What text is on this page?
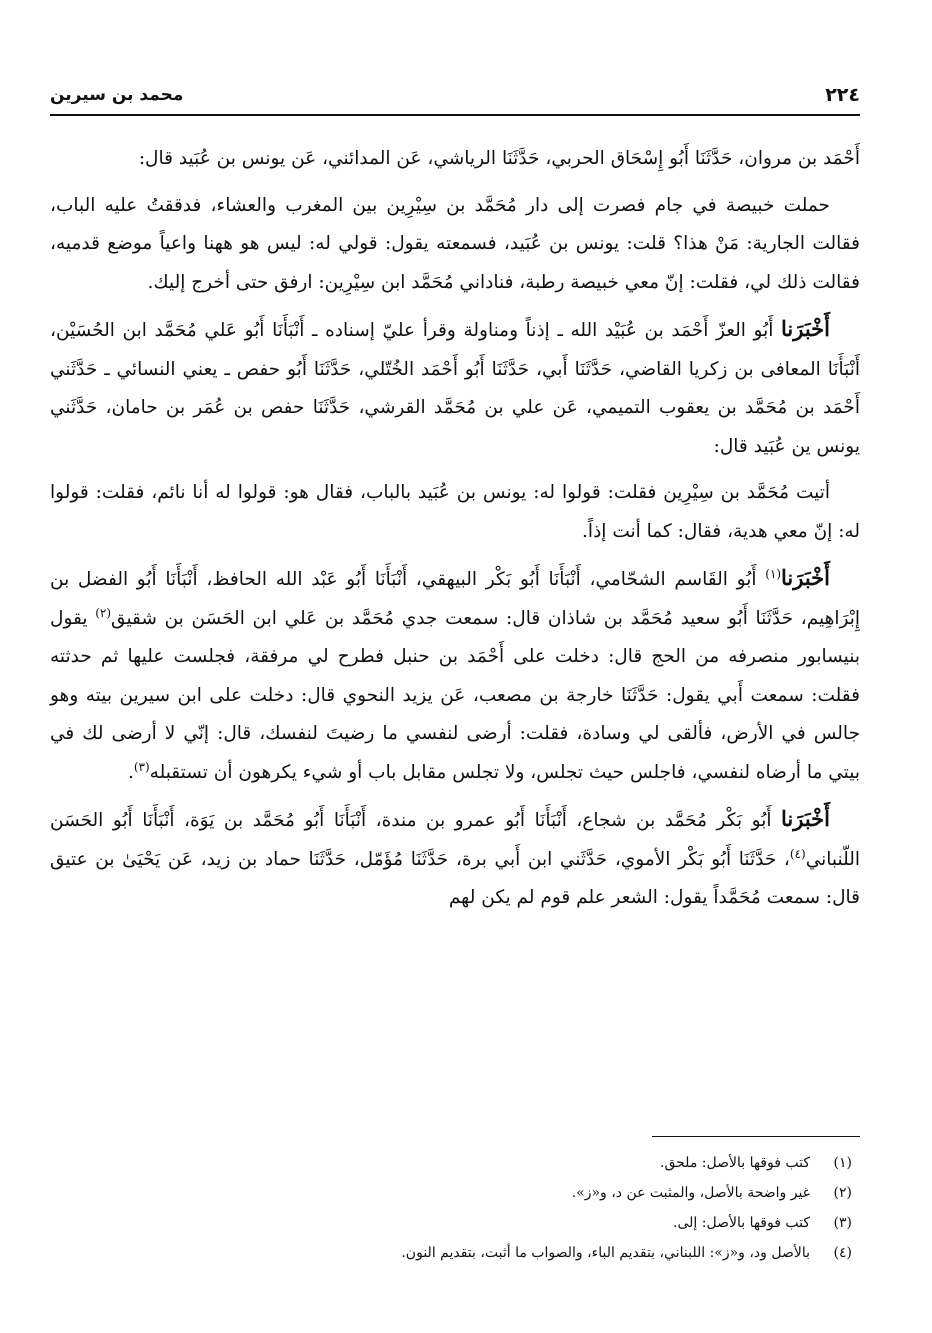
٢٢٤
محمد بن سيرين

أَحْمَد بن مروان، حَدَّثَنَا أَبُو إِسْحَاق الحربي، حَدَّثَنَا الرياشي، عَن المدائني، عَن يونس بن عُبَيد قال:

حملت خبيصة في جام فصرت إلى دار مُحَمَّد بن سِيْرِين بين المغرب والعشاء، فدققتُ عليه الباب، فقالت الجارية: مَنْ هذا؟ قلت: يونس بن عُبَيد، فسمعته يقول: قولي له: ليس هو ههنا واعياً موضع قدميه، فقالت ذلك لي، فقلت: إنّ معي خبيصة رطبة، فناداني مُحَمَّد ابن سِيْرِين: ارفق حتى أخرج إليك.

أَخْبَرَنا أَبُو العزّ أَحْمَد بن عُبَيْد الله ـ إذناً ومناولة وقرأ عليّ إسناده ـ أَنْبَأَنَا أَبُو عَلي مُحَمَّد ابن الحُسَيْن، أَنْبَأَنَا المعافى بن زكريا القاضي، حَدَّثَنَا أَبي، حَدَّثَنَا أَبُو أَحْمَد الخُتّلي، حَدَّثَنَا أَبُو حفص ـ يعني النسائي ـ حَدَّثَني أَحْمَد بن مُحَمَّد بن يعقوب التميمي، عَن علي بن مُحَمَّد القرشي، حَدَّثَنَا حفص بن عُمَر بن حامان، حَدَّثَني يونس ين عُبَيد قال:

أتيت مُحَمَّد بن سِيْرِين فقلت: قولوا له: يونس بن عُبَيد بالباب، فقال هو: قولوا له أنا نائم، فقلت: قولوا له: إنّ معي هدية، فقال: كما أنت إذاً.

أَخْبَرَنا$^{(١)}$ أَبُو القَاسم الشحّامي، أَنْبَأَنَا أَبُو بَكْر البيهقي، أَنْبَأَنَا أَبُو عَبْد الله الحافظ، أَنْبَأَنَا أَبُو الفضل بن إِبْرَاهِيم، حَدَّثَنَا أَبُو سعيد مُحَمَّد بن شاذان قال: سمعت جدي مُحَمَّد بن عَلي ابن الحَسَن بن شقيق$^{(٢)}$ يقول بنيسابور منصرفه من الحج قال: دخلت على أَحْمَد بن حنبل فطرح لي مرفقة، فجلست عليها ثم حدثته فقلت: سمعت أَبي يقول: حَدَّثَنَا خارجة بن مصعب، عَن يزيد النحوي قال: دخلت على ابن سيرين بيته وهو جالس في الأرض، فألقى لي وسادة، فقلت: أرضى لنفسي ما رضيتَ لنفسك، قال: إنّي لا أرضى لك في بيتي ما أرضاه لنفسي، فاجلس حيث تجلس، ولا تجلس مقابل باب أو شيء يكرهون أن تستقبله$^{(٣)}$.

أَخْبَرَنا أَبُو بَكْر مُحَمَّد بن شجاع، أَنْبَأَنَا أَبُو عمرو بن مندة، أَنْبَأَنَا أَبُو مُحَمَّد بن يَوَة، أَنْبَأَنَا أَبُو الحَسَن اللّنباني$^{(٤)}$، حَدَّثَنَا أَبُو بَكْر الأموي، حَدَّثَني ابن أَبي برة، حَدَّثَنَا مُؤَمّل، حَدَّثَنَا حماد بن زيد، عَن يَحْيَىٰ بن عتيق قال: سمعت مُحَمَّداً يقول: الشعر علم قوم لم يكن لهم

(١)
كتب فوقها بالأصل: ملحق.
(٢)
غير واضحة بالأصل، والمثبت عن د، و«ز».
(٣)
كتب فوقها بالأصل: إلى.
(٤)
بالأصل ود، و«ز»: اللبناني، بتقديم الباء، والصواب ما أثبت، بتقديم النون.
